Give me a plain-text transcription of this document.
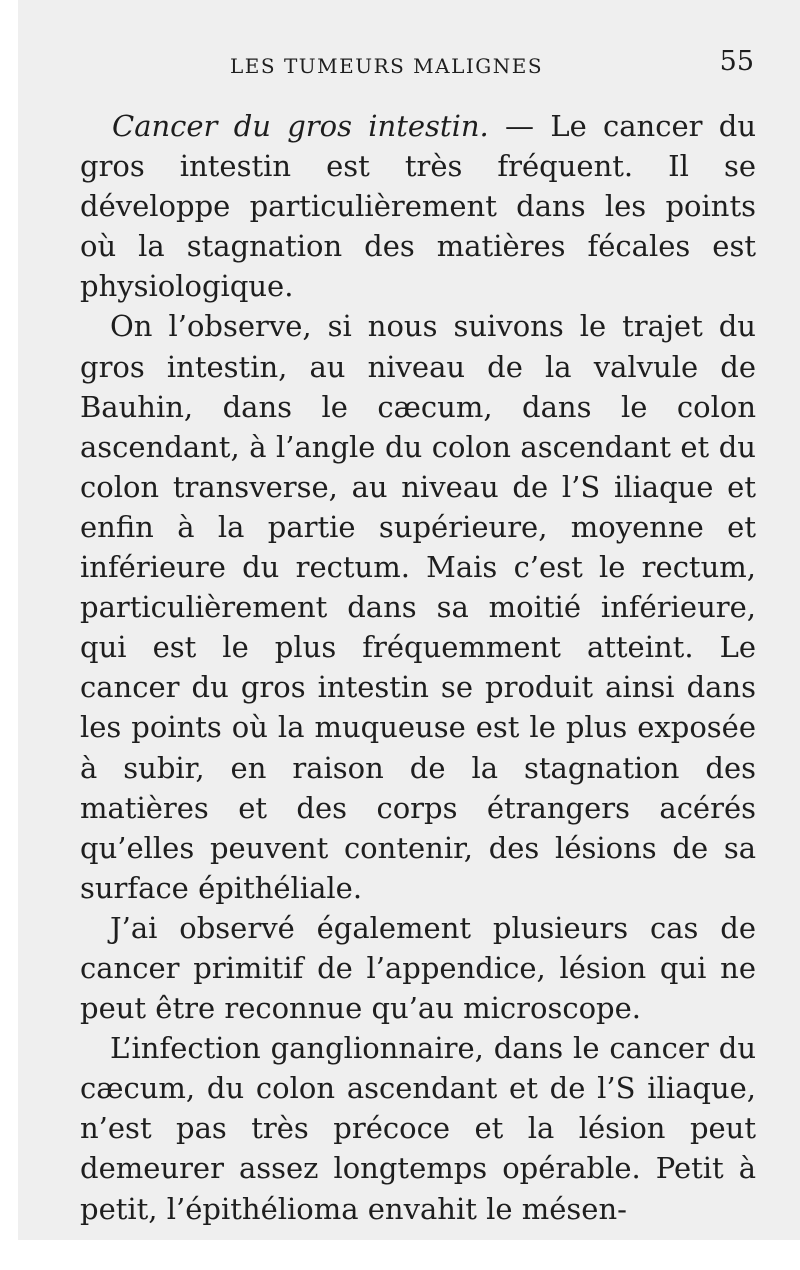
LES TUMEURS MALIGNES	55

Cancer du gros intestin. — Le cancer du gros intestin est très fréquent. Il se développe particulièrement dans les points où la stagnation des matières fécales est physiologique.

On l’observe, si nous suivons le trajet du gros intestin, au niveau de la valvule de Bauhin, dans le cæcum, dans le colon ascendant, à l’angle du colon ascendant et du colon transverse, au niveau de l’S iliaque et enfin à la partie supérieure, moyenne et inférieure du rectum. Mais c’est le rectum, particulièrement dans sa moitié inférieure, qui est le plus fréquemment atteint. Le cancer du gros intestin se produit ainsi dans les points où la muqueuse est le plus exposée à subir, en raison de la stagnation des matières et des corps étrangers acérés qu’elles peuvent contenir, des lésions de sa surface épithéliale.

J’ai observé également plusieurs cas de cancer primitif de l’appendice, lésion qui ne peut être reconnue qu’au microscope.

L’infection ganglionnaire, dans le cancer du cæcum, du colon ascendant et de l’S iliaque, n’est pas très précoce et la lésion peut demeurer assez longtemps opérable. Petit à petit, l’épithélioma envahit le mésen-
